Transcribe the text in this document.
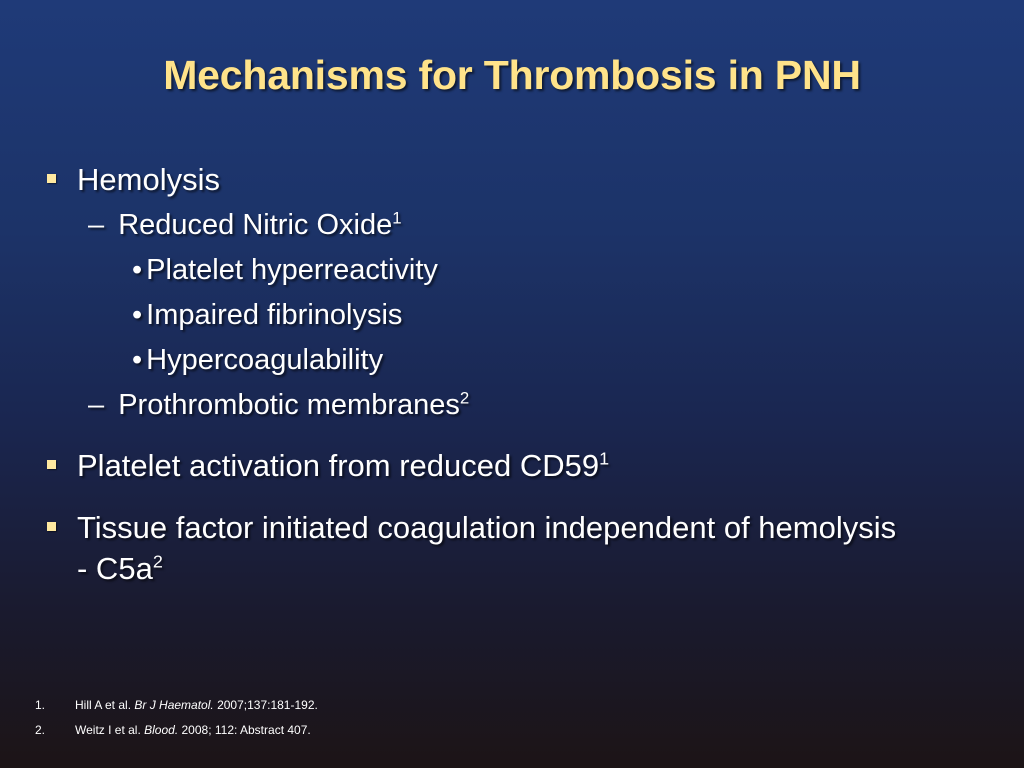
Mechanisms for Thrombosis in PNH
Hemolysis
– Reduced Nitric Oxide$^1$
• Platelet hyperreactivity
• Impaired fibrinolysis
• Hypercoagulability
– Prothrombotic membranes$^2$
Platelet activation from reduced $CD59^1$
Tissue factor initiated coagulation independent of hemolysis
- $C5a^2$
1. Hill A et al. Br J Haematol. 2007;137:181-192.
2. Weitz I et al. Blood. 2008; 112: Abstract 407.
